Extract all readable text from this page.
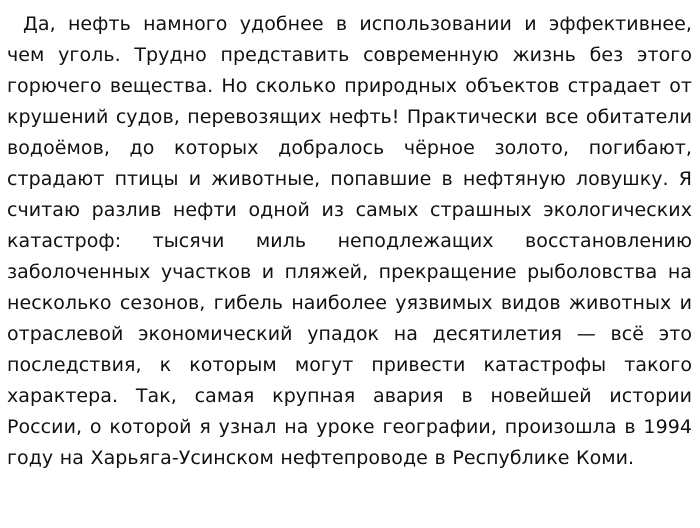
Да, нефть намного удобнее в использовании и эффективнее, чем уголь. Трудно представить современную жизнь без этого горючего вещества. Но сколько природных объектов страдает от крушений судов, перевозящих нефть! Практически все обитатели водоёмов, до которых добралось чёрное золото, погибают, страдают птицы и животные, попавшие в нефтяную ловушку. Я считаю разлив нефти одной из самых страшных экологических катастроф: тысячи миль неподлежащих восстановлению заболоченных участков и пляжей, прекращение рыболовства на несколько сезонов, гибель наиболее уязвимых видов животных и отраслевой экономический упадок на десятилетия — всё это последствия, к которым могут привести катастрофы такого характера. Так, самая крупная авария в новейшей истории России, о которой я узнал на уроке географии, произошла в 1994 году на Харьяга-Усинском нефтепроводе в Республике Коми.
